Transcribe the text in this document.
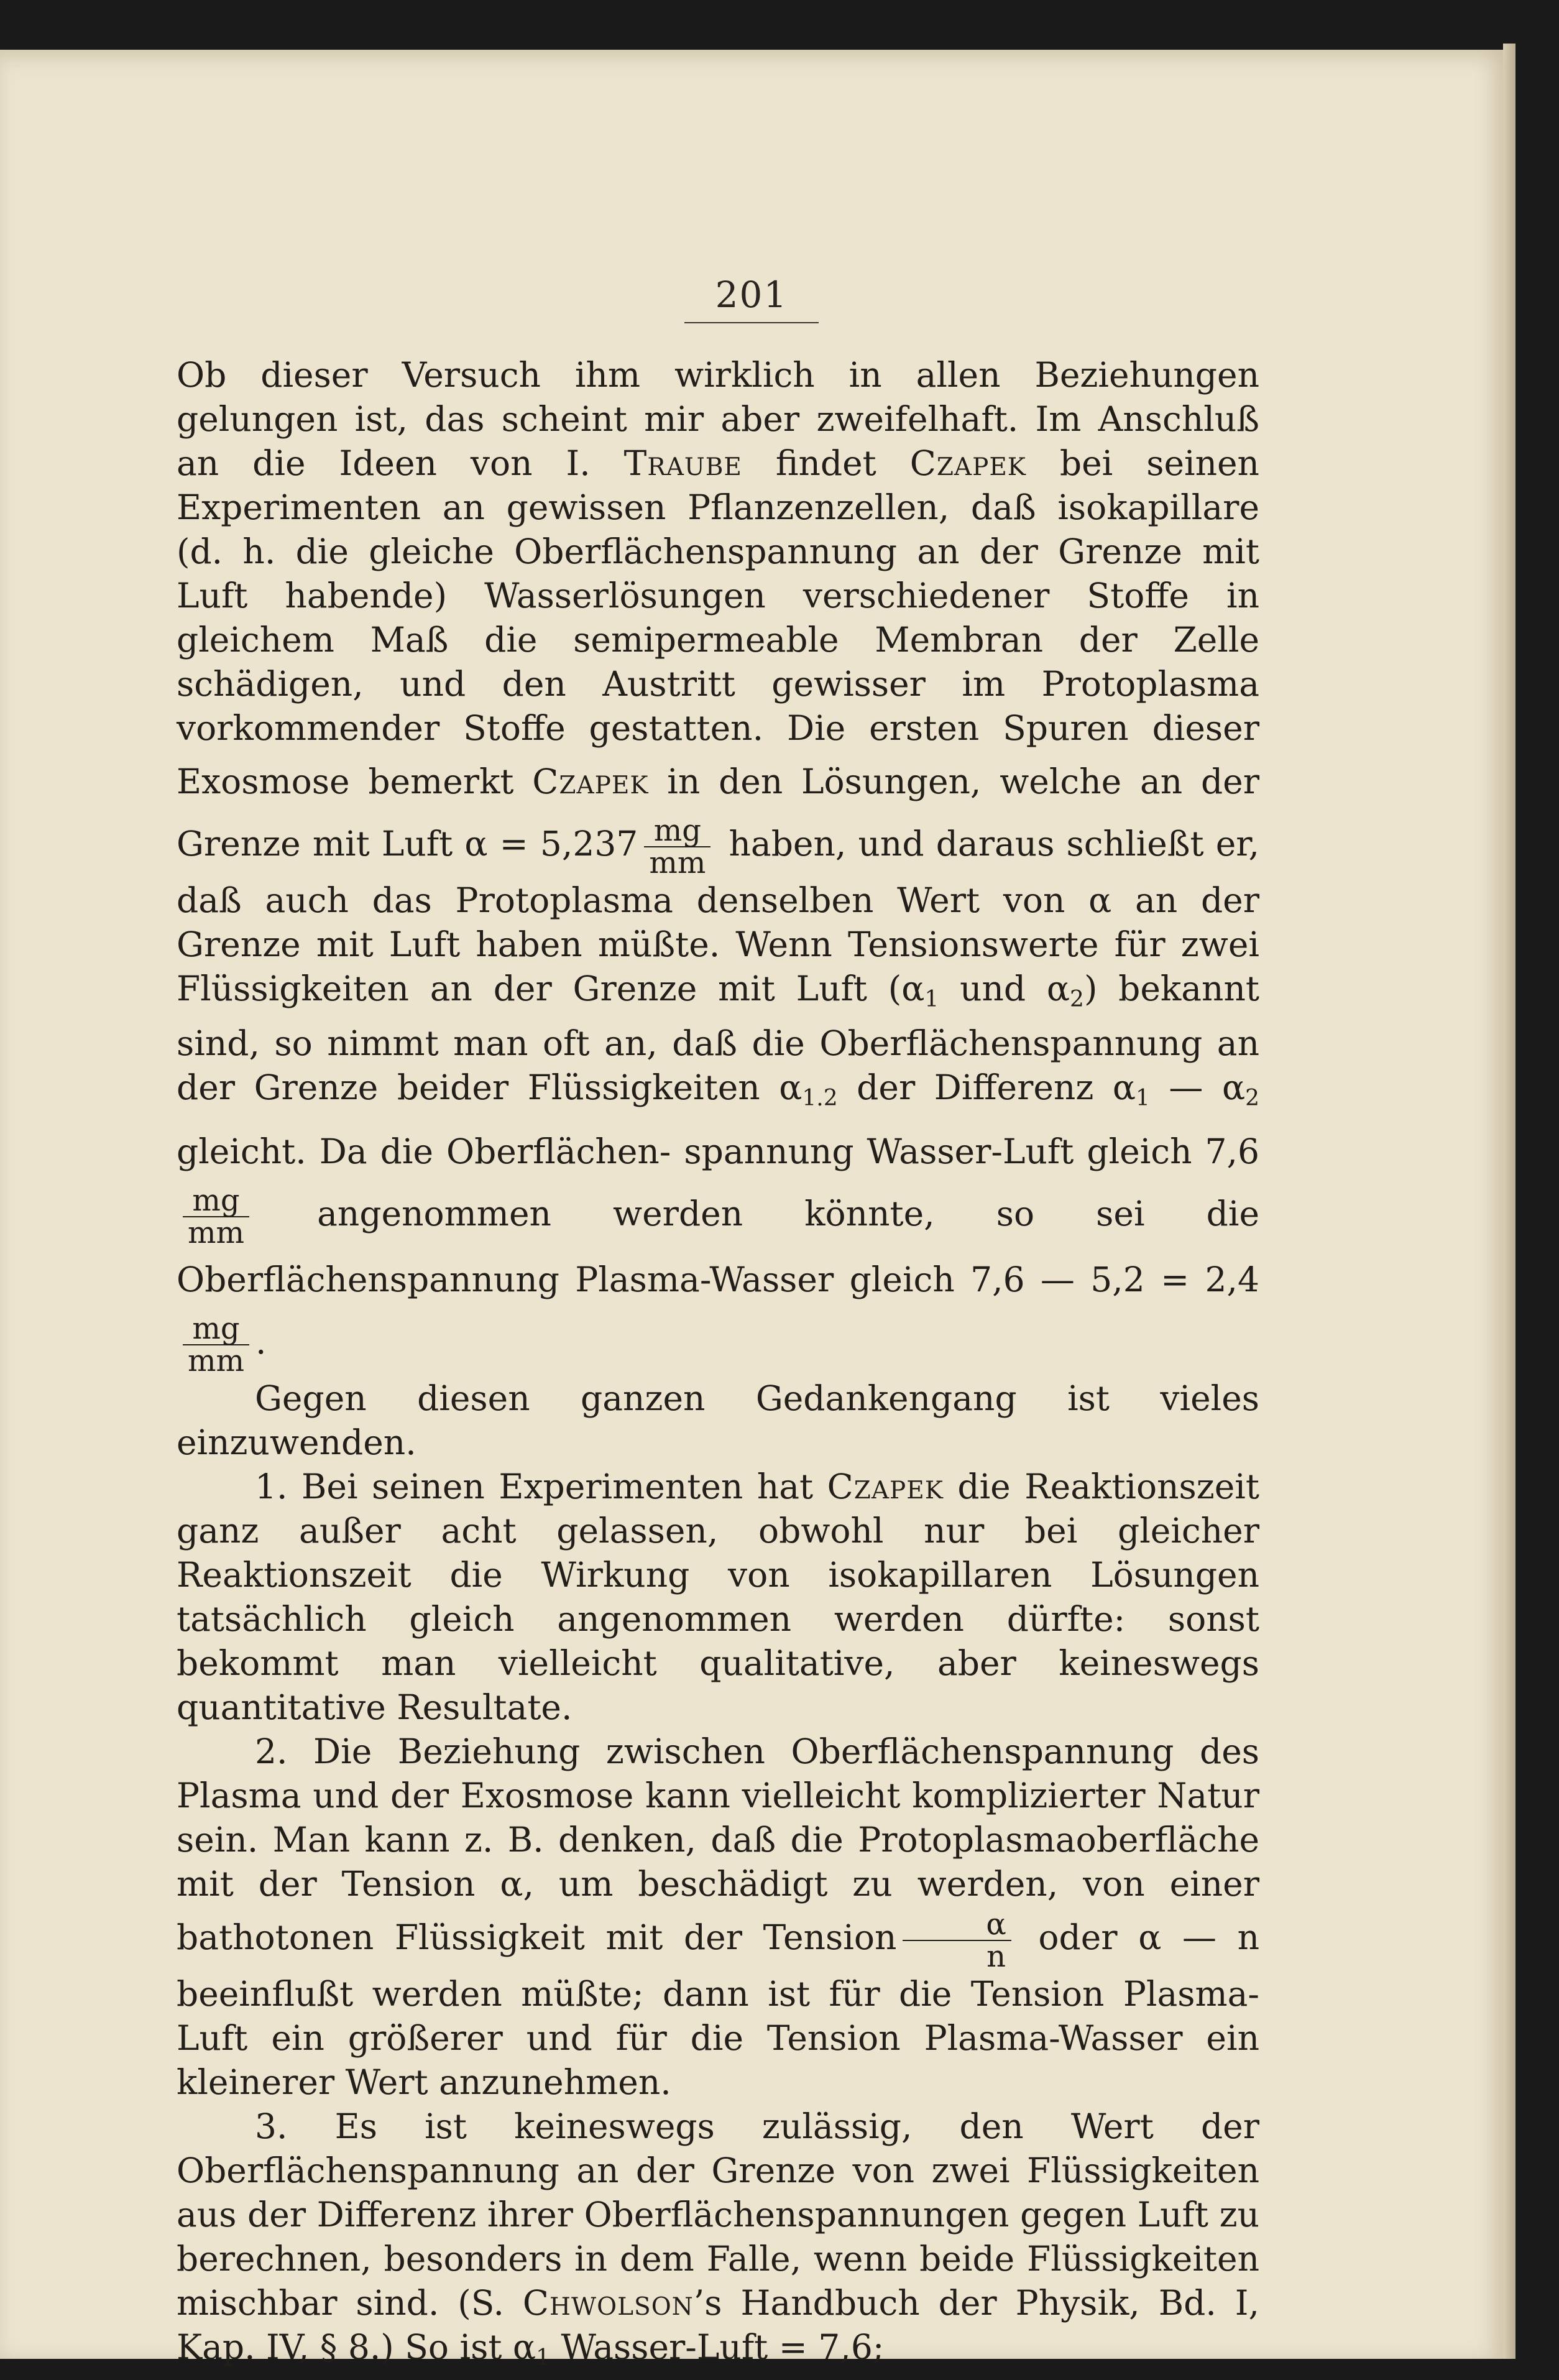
201

Ob dieser Versuch ihm wirklich in allen Beziehungen gelungen ist, das scheint mir aber zweifelhaft. Im Anschluß an die Ideen von I. Traube findet Czapek bei seinen Experimenten an gewissen Pflanzenzellen, daß isokapillare (d. h. die gleiche Oberflächenspannung an der Grenze mit Luft habende) Wasserlösungen verschiedener Stoffe in gleichem Maß die semipermeable Membran der Zelle schädigen, und den Austritt gewisser im Protoplasma vorkommender Stoffe gestatten. Die ersten Spuren dieser Exosmose bemerkt Czapek in den Lösungen, welche an der Grenze mit Luft $\alpha = 5,237 \frac{mg}{mm}$ haben, und daraus schließt er, daß auch das Protoplasma denselben Wert von α an der Grenze mit Luft haben müßte. Wenn Tensionswerte für zwei Flüssigkeiten an der Grenze mit Luft ($\alpha_1$ und $\alpha_2$) bekannt sind, so nimmt man oft an, daß die Oberflächenspannung an der Grenze beider Flüssigkeiten $\alpha_{1.2}$ der Differenz $\alpha_1$ — $\alpha_2$ gleicht. Da die Oberflächen- spannung Wasser-Luft gleich 7,6
$\frac{mg}{mm}$ angenommen werden könnte, so sei die Oberflächenspannung Plasma-Wasser gleich 7,6 — 5,2 = 2,4
$\frac{mg}{mm}$ .

Gegen diesen ganzen Gedankengang ist vieles einzuwenden.

1. Bei seinen Experimenten hat Czapek die Reaktionszeit ganz außer acht gelassen, obwohl nur bei gleicher Reaktionszeit die Wirkung von isokapillaren Lösungen tatsächlich gleich angenommen werden dürfte: sonst bekommt man vielleicht qualitative, aber keineswegs quantitative Resultate.

2. Die Beziehung zwischen Oberflächenspannung des Plasma und der Exosmose kann vielleicht komplizierter Natur sein. Man kann z. B. denken, daß die Protoplasmaoberfläche mit der Tension α, um beschädigt zu werden, von einer bathotonen Flüssigkeit mit der Tension $\frac{\alpha}{n}$ oder α — n beeinflußt werden müßte; dann ist für die Tension Plasma-Luft ein größerer und für die Tension Plasma-Wasser ein kleinerer Wert anzunehmen.

3. Es ist keineswegs zulässig, den Wert der Oberflächenspannung an der Grenze von zwei Flüssigkeiten aus der Differenz ihrer Oberflächenspannungen gegen Luft zu berechnen, besonders in dem Falle, wenn beide Flüssigkeiten mischbar sind. (S. Chwolson’s Handbuch der Physik, Bd. I, Kap. IV, § 8.) So ist $\alpha_1$ Wasser-Luft = 7,6;
